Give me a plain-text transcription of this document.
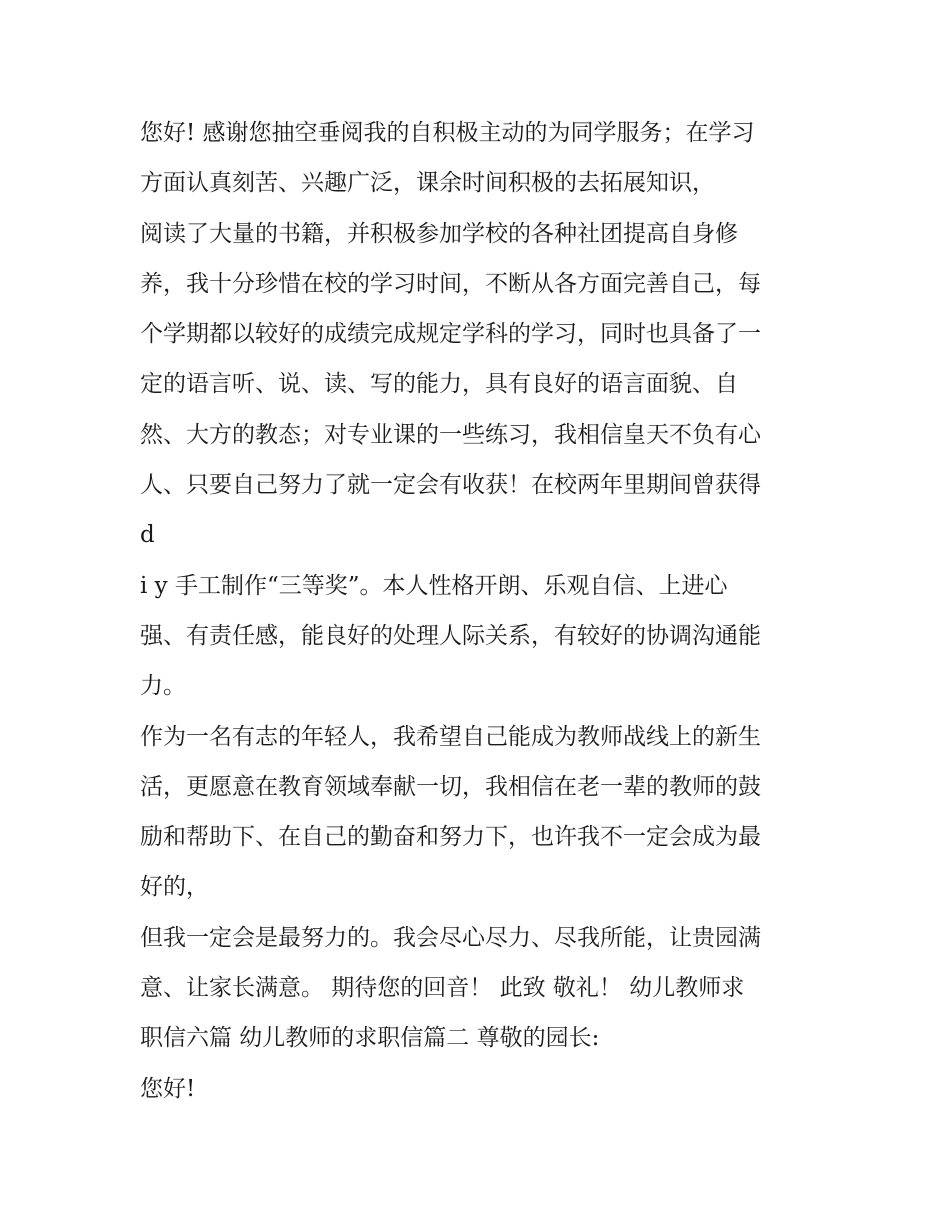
您好! 感谢您抽空垂阅我的自积极主动的为同学服务；在学习
方面认真刻苦、兴趣广泛，课余时间积极的去拓展知识，
阅读了大量的书籍，并积极参加学校的各种社团提高自身修
养，我十分珍惜在校的学习时间，不断从各方面完善自己，每
个学期都以较好的成绩完成规定学科的学习，同时也具备了一
定的语言听、说、读、写的能力，具有良好的语言面貌、自
然、大方的教态；对专业课的一些练习，我相信皇天不负有心
人、只要自己努力了就一定会有收获！在校两年里期间曾获得
d
i y 手工制作“三等奖”。本人性格开朗、乐观自信、上进心
强、有责任感，能良好的处理人际关系，有较好的协调沟通能
力。
作为一名有志的年轻人，我希望自己能成为教师战线上的新生
活，更愿意在教育领域奉献一切，我相信在老一辈的教师的鼓
励和帮助下、在自己的勤奋和努力下，也许我不一定会成为最
好的，
但我一定会是最努力的。我会尽心尽力、尽我所能，让贵园满
意、让家长满意。 期待您的回音！ 此致 敬礼！ 幼儿教师求
职信六篇 幼儿教师的求职信篇二 尊敬的园长:
您好!
